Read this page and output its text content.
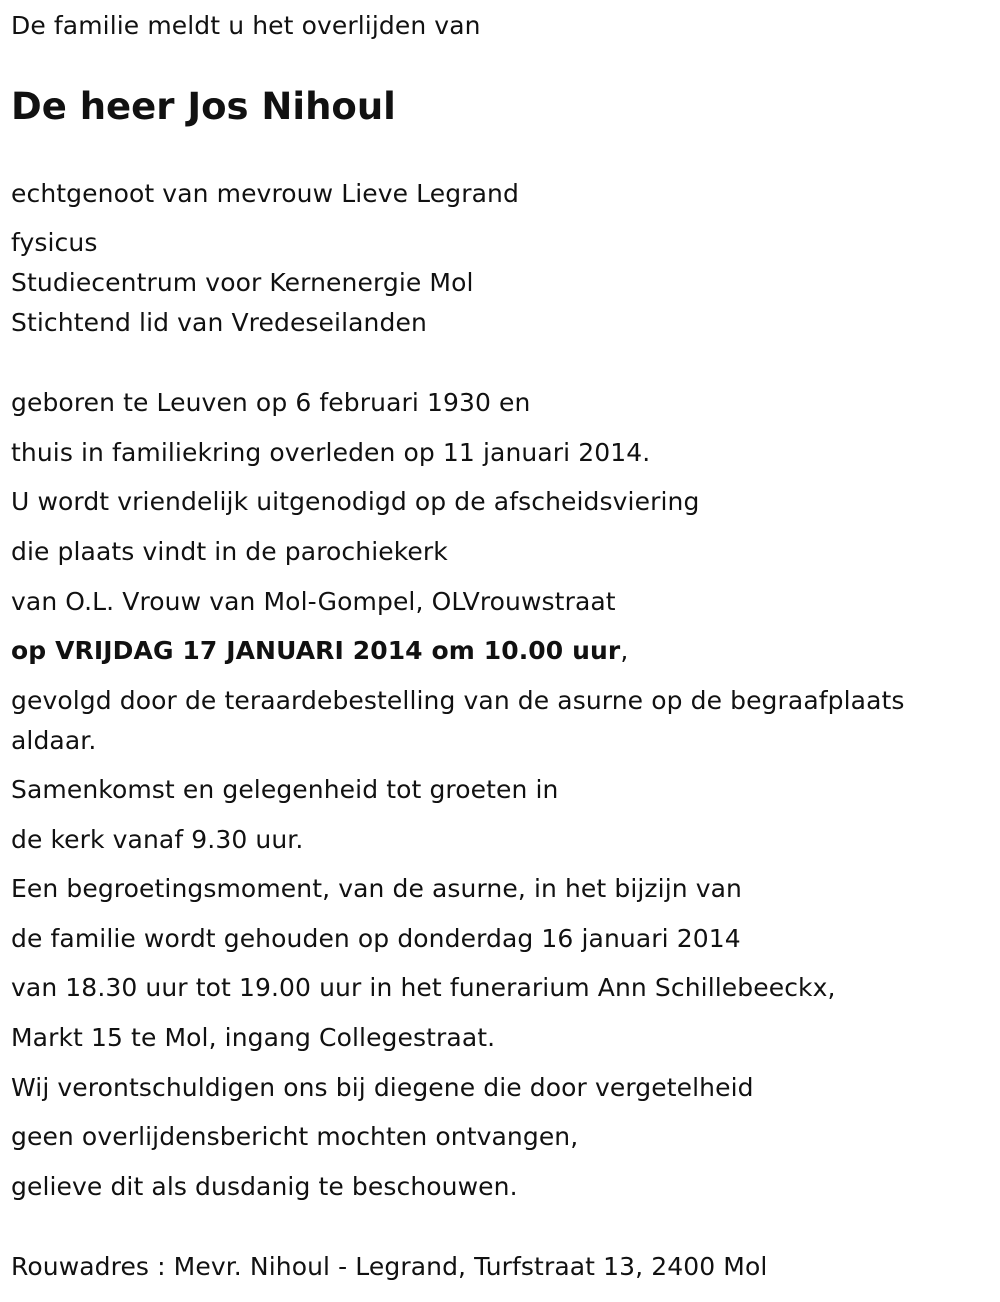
De familie meldt u het overlijden van
De heer Jos Nihoul
echtgenoot van mevrouw Lieve Legrand
fysicus
Studiecentrum voor Kernenergie Mol
Stichtend lid van Vredeseilanden
geboren te Leuven op 6 februari 1930 en
thuis in familiekring overleden op 11 januari 2014.
U wordt vriendelijk uitgenodigd op de afscheidsviering
die plaats vindt in de parochiekerk
van O.L. Vrouw van Mol-Gompel, OLVrouwstraat
op VRIJDAG 17 JANUARI 2014 om 10.00 uur,
gevolgd door de teraardebestelling van de asurne op de begraafplaats aldaar.
Samenkomst en gelegenheid tot groeten in
de kerk vanaf 9.30 uur.
Een begroetingsmoment, van de asurne, in het bijzijn van
de familie wordt gehouden op donderdag 16 januari 2014
van 18.30 uur tot 19.00 uur in het funerarium Ann Schillebeeckx,
Markt 15 te Mol, ingang Collegestraat.
Wij verontschuldigen ons bij diegene die door vergetelheid
geen overlijdensbericht mochten ontvangen,
gelieve dit als dusdanig te beschouwen.
Rouwadres : Mevr. Nihoul - Legrand, Turfstraat 13, 2400 Mol
